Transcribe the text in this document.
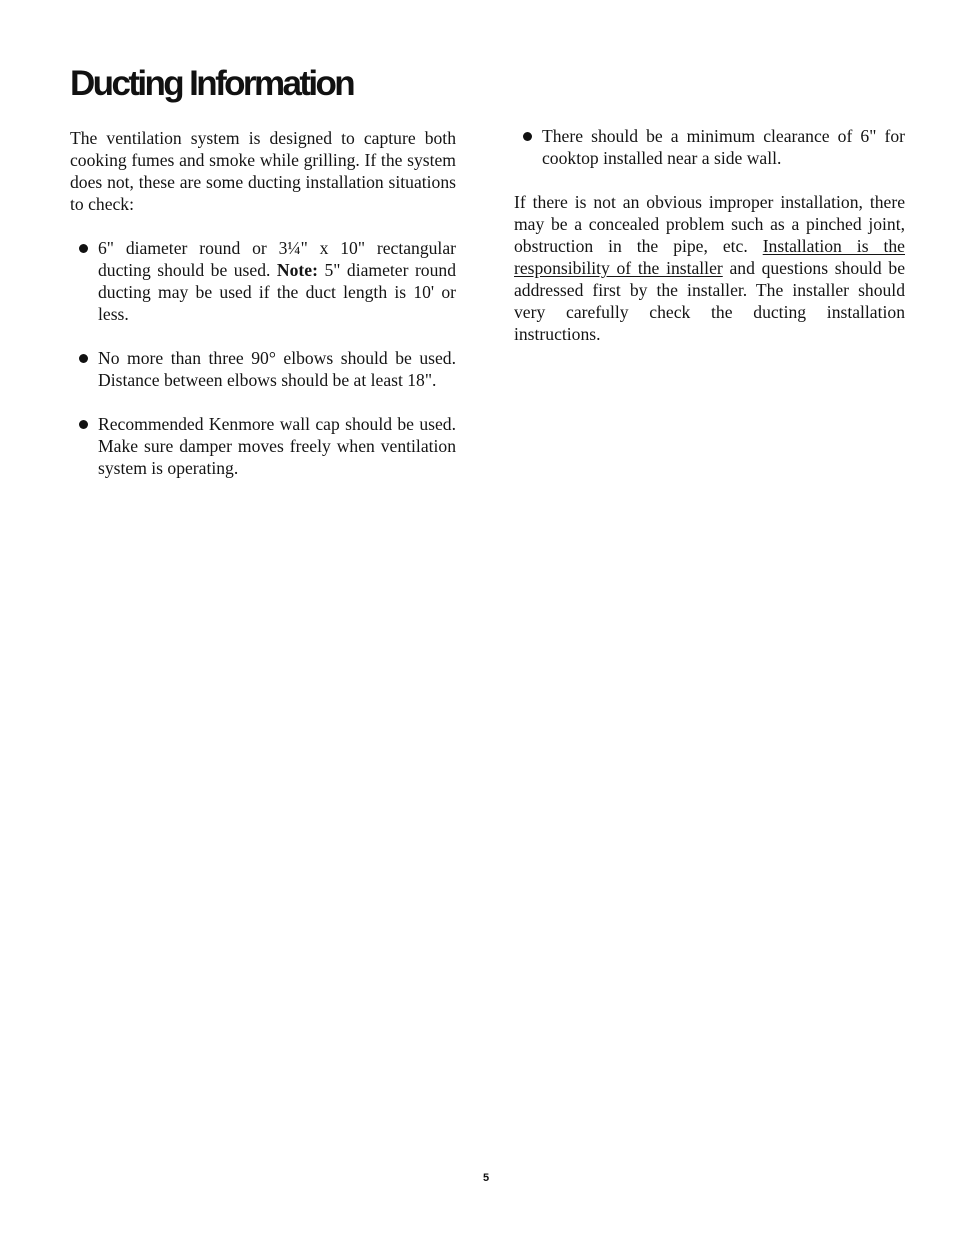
Ducting Information

The ventilation system is designed to capture both cooking fumes and smoke while grilling. If the system does not, these are some ducting installation situations to check:

6" diameter round or 3¼" x 10" rectangular ducting should be used. Note: 5" diameter round ducting may be used if the duct length is 10' or less.
No more than three 90° elbows should be used. Distance between elbows should be at least 18".
Recommended Kenmore wall cap should be used. Make sure damper moves freely when ventilation system is operating.
There should be a minimum clearance of 6" for cooktop installed near a side wall.

If there is not an obvious improper installation, there may be a concealed problem such as a pinched joint, obstruction in the pipe, etc. Installation is the responsibility of the installer and questions should be addressed first by the installer. The installer should very carefully check the ducting installation instructions.

5
